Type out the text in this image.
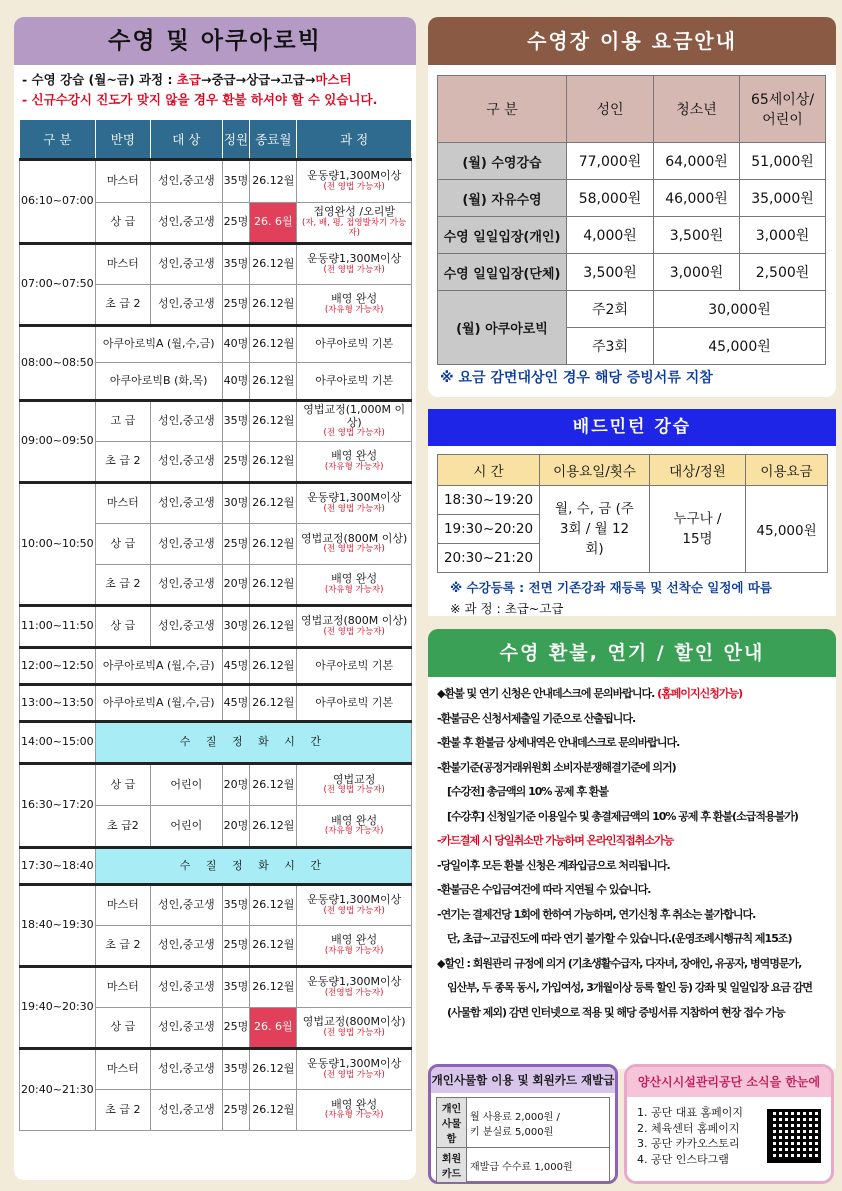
수영 및 아쿠아로빅
- 수영 강습 (월~금) 과정 : 초급→중급→상급→고급→마스터
- 신규수강시 진도가 맞지 않을 경우 환불 하셔야 할 수 있습니다.
구 분	반명	대 상	정원	종료월	과 정
06:10~07:00	마스터	성인,중고생	35명	26.12월	운동량1,300M이상
(전 영법 가능자)

	상 급	성인,중고생	25명	26. 6월	접영완성 /오리발
(자, 배, 평, 접영발차기 가능자)

07:00~07:50	마스터	성인,중고생	35명	26.12월	운동량1,300M이상
(전 영법 가능자)

	초 급 2	성인,중고생	25명	26.12월	배영 완성
(자유형 가능자)

08:00~08:50	아쿠아로빅A (월,수,금)		40명	26.12월	아쿠아로빅 기본
	아쿠아로빅B (화,목)		40명	26.12월	아쿠아로빅 기본
09:00~09:50	고 급	성인,중고생	35명	26.12월	영법교정(1,000M 이상)
(전 영법 가능자)

	초 급 2	성인,중고생	25명	26.12월	배영 완성
(자유형 가능자)

10:00~10:50	마스터	성인,중고생	30명	26.12월	운동량1,300M이상
(전 영법 가능자)

	상 급	성인,중고생	25명	26.12월	영법교정(800M 이상)
(전 영법 가능자)

	초 급 2	성인,중고생	20명	26.12월	배영 완성
(자유형 가능자)

11:00~11:50	상 급	성인,중고생	30명	26.12월	영법교정(800M 이상)
(전 영법 가능자)

12:00~12:50	아쿠아로빅A (월,수,금)		45명	26.12월	아쿠아로빅 기본
13:00~13:50	아쿠아로빅A (월,수,금)		45명	26.12월	아쿠아로빅 기본
14:00~15:00	수 질 정 화 시 간				
16:30~17:20	상 급	어린이	20명	26.12월	영법교정
(전 영법 가능자)

	초 급2	어린이	20명	26.12월	배영 완성
(자유형 가능자)

17:30~18:40	수 질 정 화 시 간				
18:40~19:30	마스터	성인,중고생	35명	26.12월	운동량1,300M이상
(전 영법 가능자)

	초 급 2	성인,중고생	25명	26.12월	배영 완성
(자유형 가능자)

19:40~20:30	마스터	성인,중고생	35명	26.12월	운동량1,300M이상
(전영법 가능자)

	상 급	성인,중고생	25명	26. 6월	영법교정(800M이상)
(전 영법 가능자)

20:40~21:30	마스터	성인,중고생	35명	26.12월	운동량1,300M이상
(전 영법 가능자)

	초 급 2	성인,중고생	25명	26.12월	배영 완성
(자유형 가능자)
수영장 이용 요금안내
구 분	성인	청소년	65세이상/ 어린이
(월) 수영강습	77,000원	64,000원	51,000원
(월) 자유수영	58,000원	46,000원	35,000원
수영 일일입장(개인)	4,000원	3,500원	3,000원
수영 일일입장(단체)	3,500원	3,000원	2,500원
(월) 아쿠아로빅	주2회	30,000원	
	주3회	45,000원	
※ 요금 감면대상인 경우 해당 증빙서류 지참
배드민턴 강습
시 간	이용요일/횟수	대상/정원	이용요금
18:30~19:20	월, 수, 금 (주3회 / 월 12회)	누구나 / 15명	45,000원
19:30~20:20			
20:30~21:20			
※ 수강등록 : 전면 기존강좌 재등록 및 선착순 일정에 따름
※ 과 정 : 초급~고급
수영 환불, 연기 / 할인 안내
◆환불 및 연기 신청은 안내데스크에 문의바랍니다. (홈페이지신청가능)
-환불금은 신청서제출일 기준으로 산출됩니다.
-환불 후 환불금 상세내역은 안내데스크로 문의바랍니다.
-환불기준(공정거래위원회 소비자분쟁해결기준에 의거)
[수강전] 총금액의 10% 공제 후 환불
[수강후] 신청일기준 이용일수 및 총결제금액의 10% 공제 후 환불(소급적용불가)
-카드결제 시 당일취소만 가능하며 온라인직접취소가능
-당일이후 모든 환불 신청은 계좌입금으로 처리됩니다.
-환불금은 수입금여건에 따라 지연될 수 있습니다.
-연기는 결제건당 1회에 한하여 가능하며, 연기신청 후 취소는 불가합니다.
단, 초급~고급진도에 따라 연기 불가할 수 있습니다.(운영조례시행규칙 제15조)
◆할인 : 회원관리 규정에 의거 (기초생활수급자, 다자녀, 장애인, 유공자, 병역명문가,
임산부, 두 종목 동시, 가입여성, 3개월이상 등록 할인 등) 강좌 및 일일입장 요금 감면
(사물함 제외) 감면 인터넷으로 적용 및 해당 증빙서류 지참하여 현장 접수 가능
개인사물함 이용 및 회원카드 재발급
개인 사물 함	월 사용료 2,000원 /
키 분실료 5,000원
회원 카드	재발급 수수료 1,000원
양산시시설관리공단 소식을 한눈에
1. 공단 대표 홈페이지
2. 체육센터 홈페이지
3. 공단 카카오스토리
4. 공단 인스타그램
